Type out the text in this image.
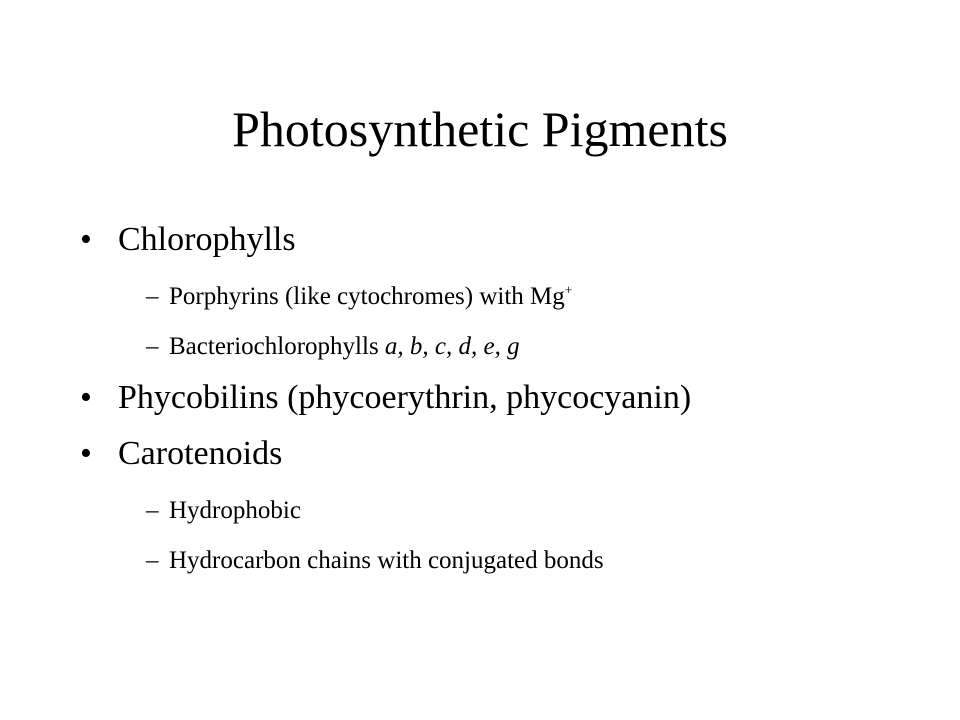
Photosynthetic Pigments
• Chlorophylls
– Porphyrins (like cytochromes) with Mg+
– Bacteriochlorophylls a, b, c, d, e, g
• Phycobilins (phycoerythrin, phycocyanin)
• Carotenoids
– Hydrophobic
– Hydrocarbon chains with conjugated bonds
